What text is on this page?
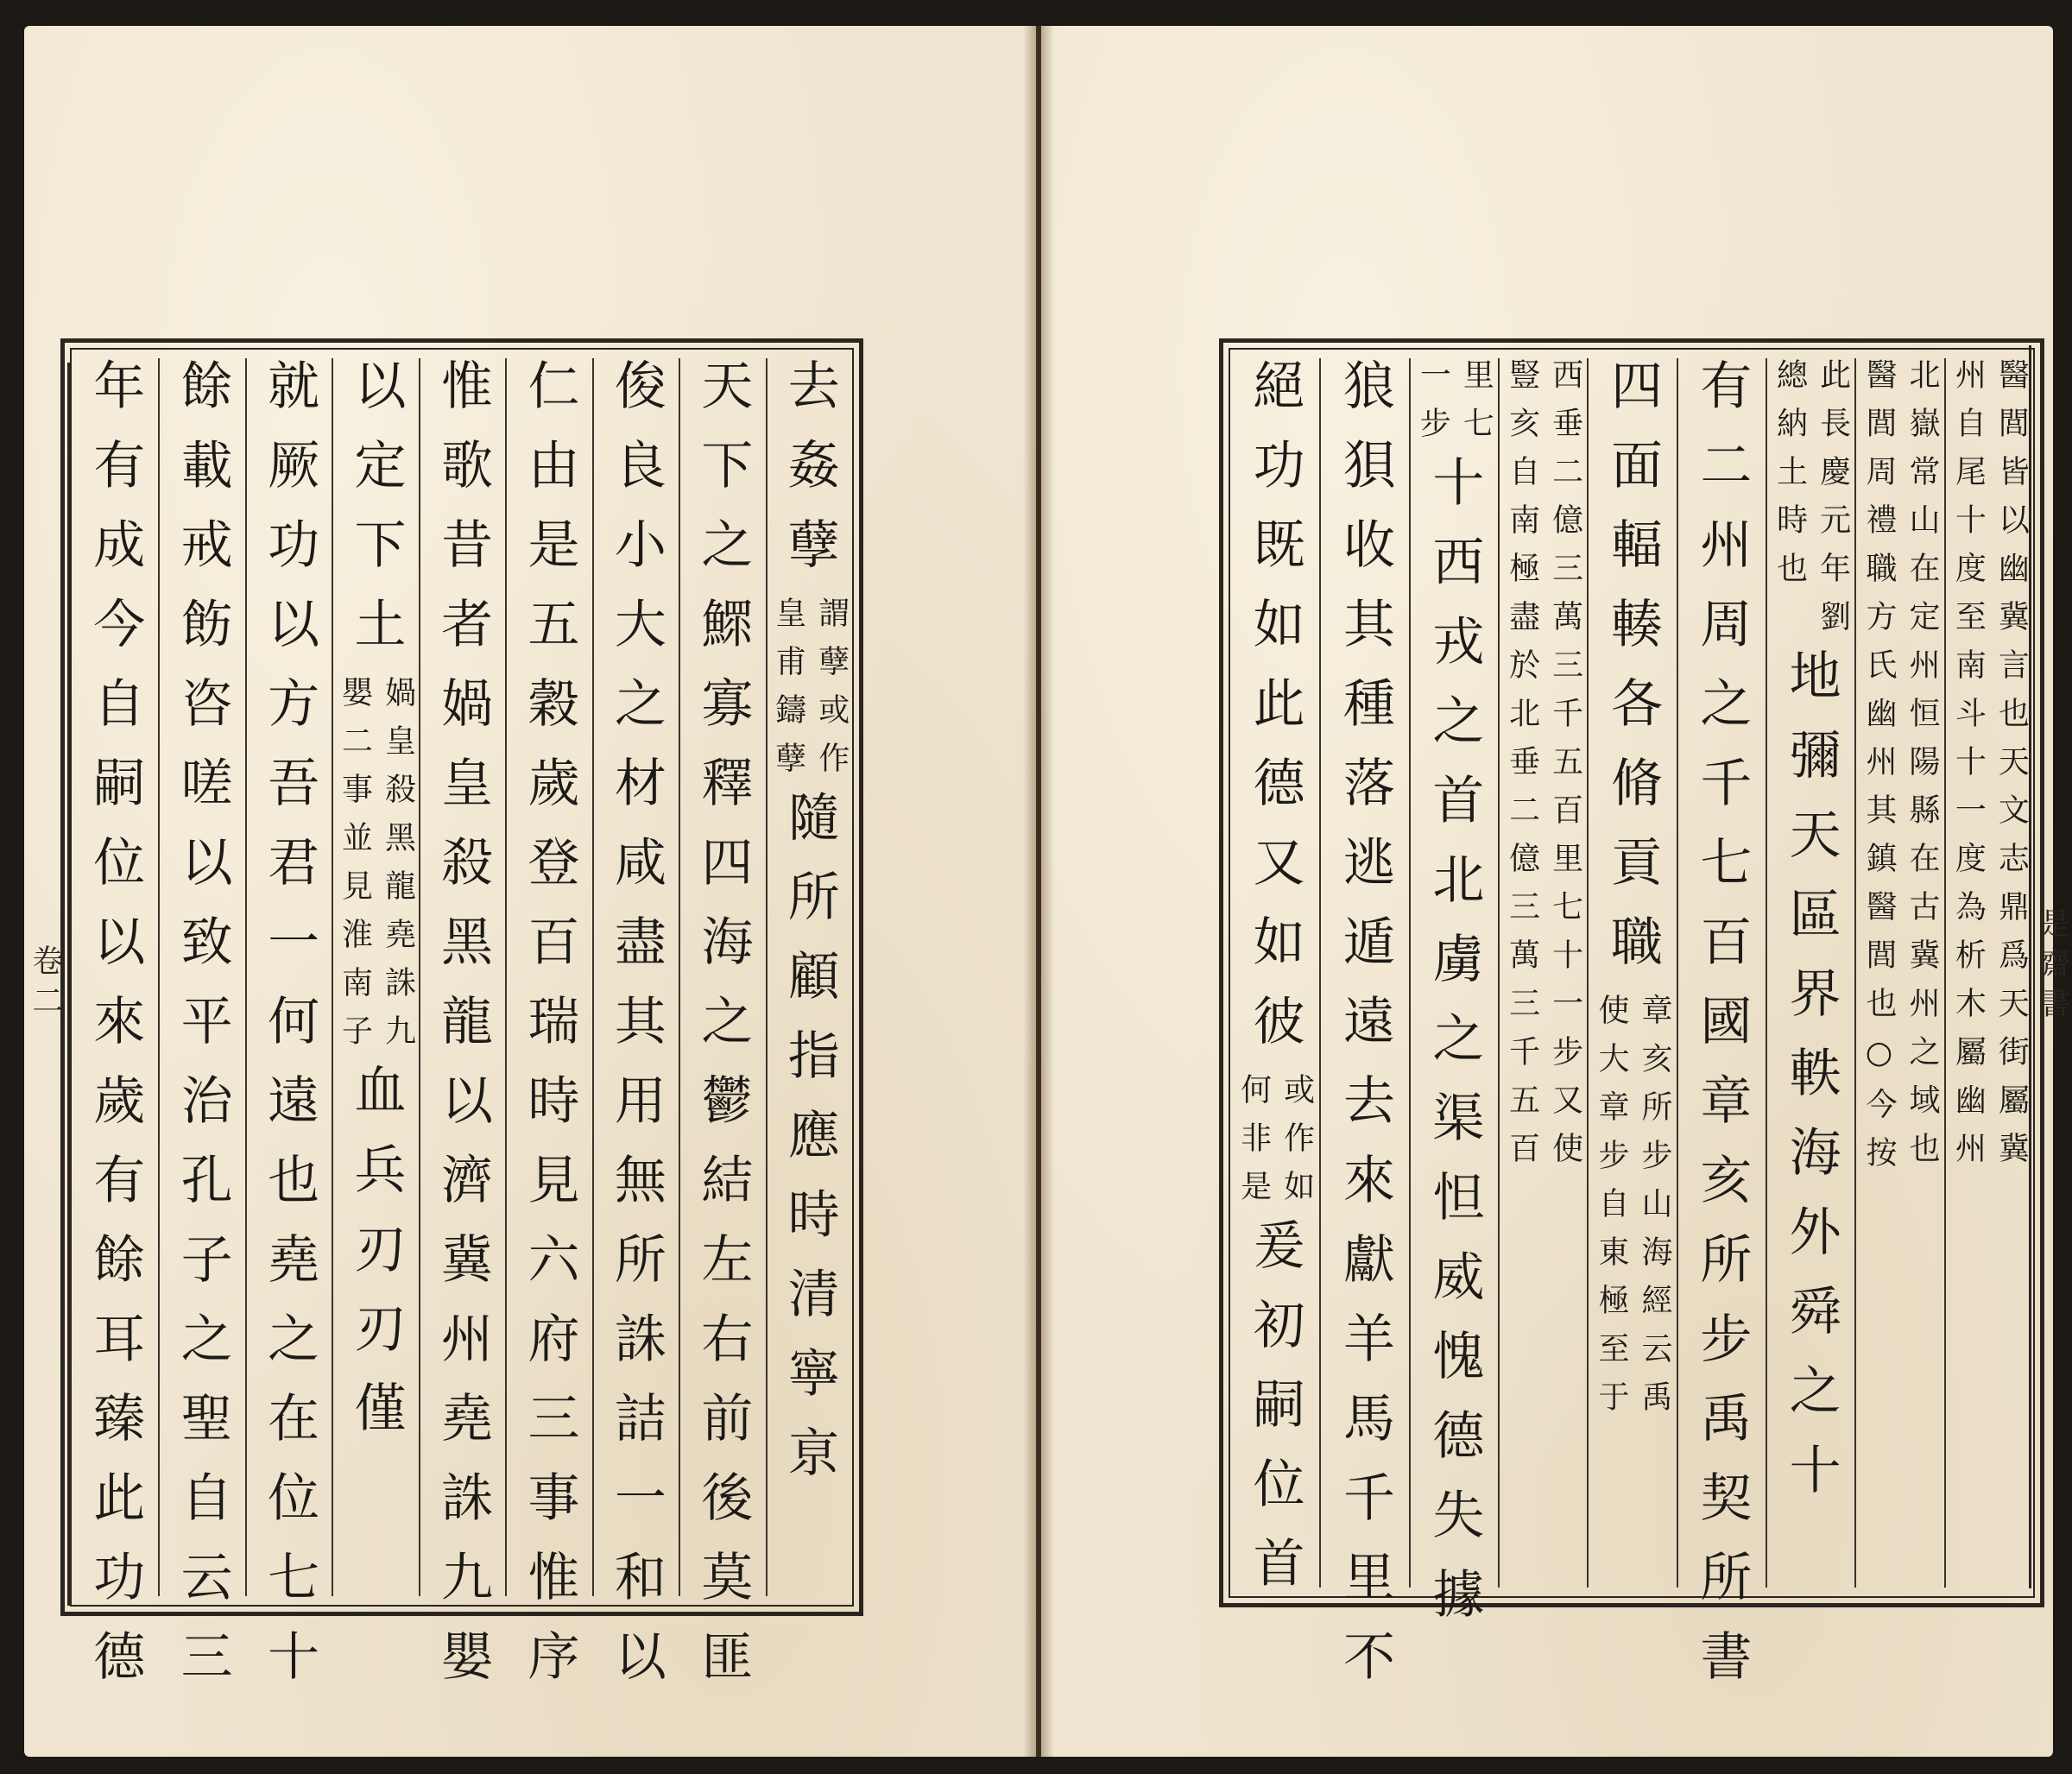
卷二	是齋書
去姦孽
謂孽或作
皇甫鑄孽
隨所顧指應時清寧亰
天下之鰥寡釋四海之鬱結左右前後莫匪
俊良小大之材咸盡其用無所誅詰一和以
仁由是五穀歲登百瑞時見六府三事惟序
惟歌昔者媧皇殺黑龍以濟冀州堯誅九嬰
以定下土
媧皇殺黑龍堯誅九
嬰二事並見淮南子
血兵刃刃僅
就厥功以方吾君一何遠也堯之在位七十
餘載戒飭咨嗟以致平治孔子之聖自云三
年有成今自嗣位以來歲有餘耳臻此功德	醫閭皆以幽冀言也天文志鼎爲天街屬冀
州自尾十度至南斗十一度為析木屬幽州
北嶽常山在定州恒陽縣在古冀州之域也
醫閭周禮職方氏幽州其鎮醫閭也○今按
此長慶元年劉
總納土時也
地彌天區界軼海外舜之十
有二州周之千七百國章亥所步禹契所書
四面輻輳各脩貢職
章亥所步山海經云禹
使大章步自東極至于
西垂二億三萬三千五百里七十一步又使
豎亥自南極盡於北垂二億三萬三千五百
里七
一步
十西戎之首北虜之渠怛威愧德失據
狼狽收其種落逃遁遠去來獻羊馬千里不
絕功既如此德又如彼
或作如
何非是
爰初嗣位首
